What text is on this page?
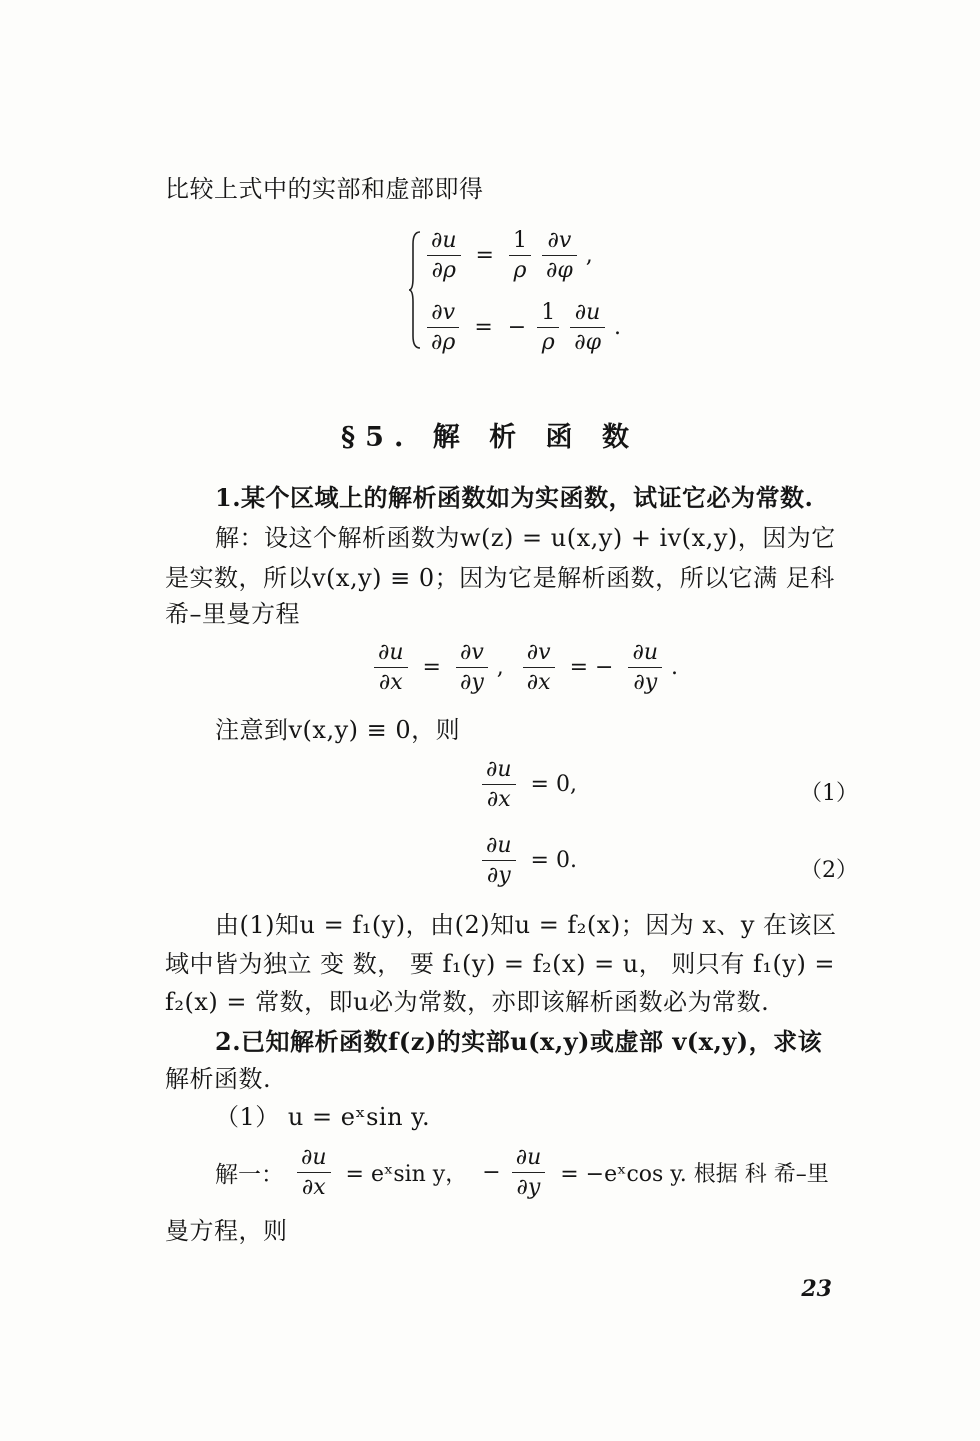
比较上式中的实部和虚部即得
$\frac{\partial u}{\partial\rho} = \frac{1}{\rho}$
$\frac{\partial v}{\partial\varphi}$ ,
$\frac{\partial v}{\partial\rho}$ = − $\frac{1}{\rho}$
$\frac{\partial u}{\partial\varphi}$ .
§5. 解 析 函 数
1.某个区域上的解析函数如为实函数，试证它必为常数.
解：设这个解析函数为w(z) = u(x,y) + iv(x,y)，因为它
是实数，所以v(x,y) ≡ 0；因为它是解析函数，所以它满 足科
希–里曼方程
$\frac{\partial u}{\partial x} = \frac{\partial v}{\partial y}$ , $\frac{\partial v}{\partial x}$ = − $\frac{\partial u}{\partial y}$ .
注意到v(x,y) ≡ 0，则
$\frac{\partial u}{\partial x} = 0$,	（1）
$\frac{\partial u}{\partial y} = 0$.	（2）
由(1)知u = f₁(y)，由(2)知u = f₂(x)；因为 x、y 在该区
域中皆为独立 变 数， 要 f₁(y) = f₂(x) = u， 则只有 f₁(y) =
f₂(x) = 常数，即u必为常数，亦即该解析函数必为常数.
2.已知解析函数f(z)的实部u(x,y)或虚部 v(x,y)，求该
解析函数.
（1） u = eˣsin y.
解一： $\frac{\partial u}{\partial x}$ = eˣsin y， − $\frac{\partial u}{\partial y}$ = −eˣcos y. 根据 科 希–里
曼方程，则
23
